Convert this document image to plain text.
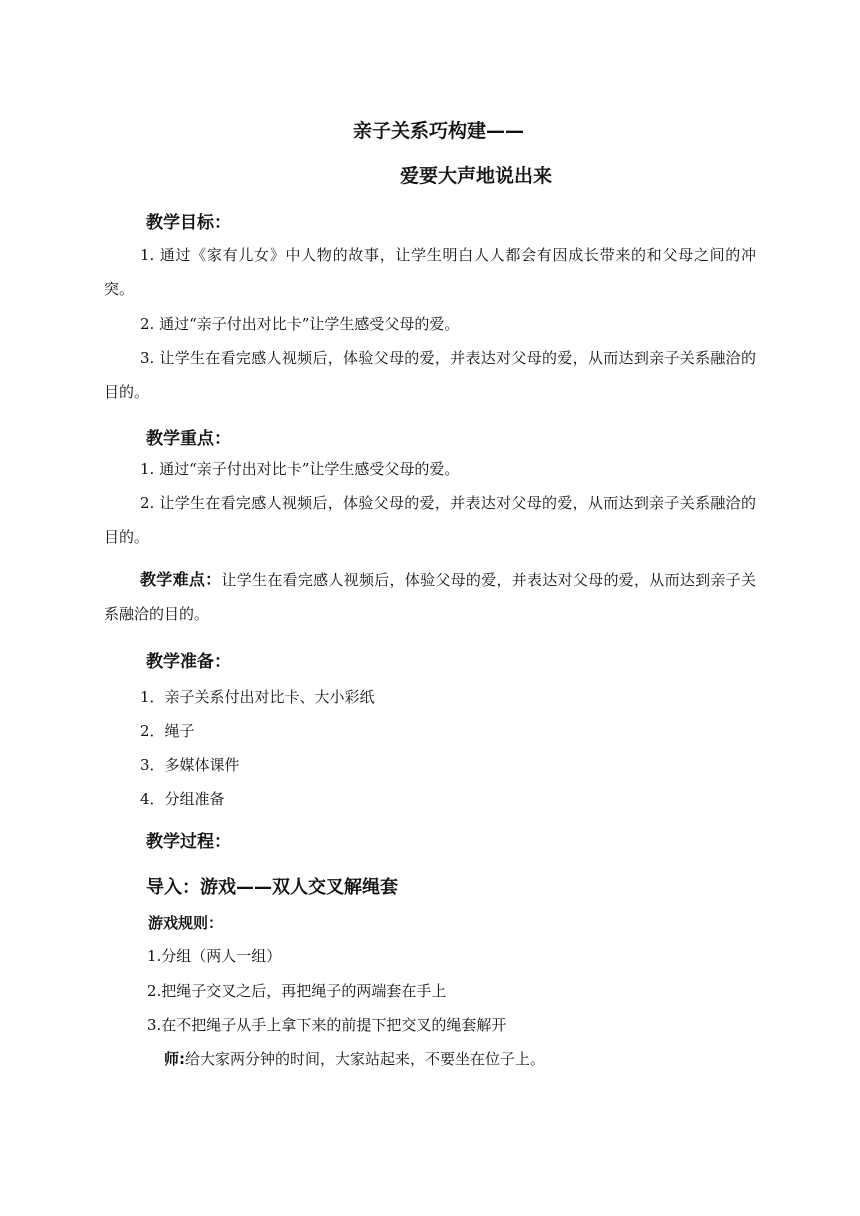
亲子关系巧构建——
爱要大声地说出来
教学目标：

1. 通过《家有儿女》中人物的故事，让学生明白人人都会有因成长带来的和父母之间的冲突。

2. 通过“亲子付出对比卡”让学生感受父母的爱。

3. 让学生在看完感人视频后，体验父母的爱，并表达对父母的爱，从而达到亲子关系融洽的目的。

教学重点：

1. 通过“亲子付出对比卡”让学生感受父母的爱。

2. 让学生在看完感人视频后，体验父母的爱，并表达对父母的爱，从而达到亲子关系融洽的目的。

教学难点：让学生在看完感人视频后，体验父母的爱，并表达对父母的爱，从而达到亲子关系融洽的目的。

教学准备：
1．亲子关系付出对比卡、大小彩纸
2．绳子
3．多媒体课件
4．分组准备
教学过程：
导入：游戏——双人交叉解绳套
游戏规则：
1.分组（两人一组）
2.把绳子交叉之后，再把绳子的两端套在手上
3.在不把绳子从手上拿下来的前提下把交叉的绳套解开
师:给大家两分钟的时间，大家站起来，不要坐在位子上。
